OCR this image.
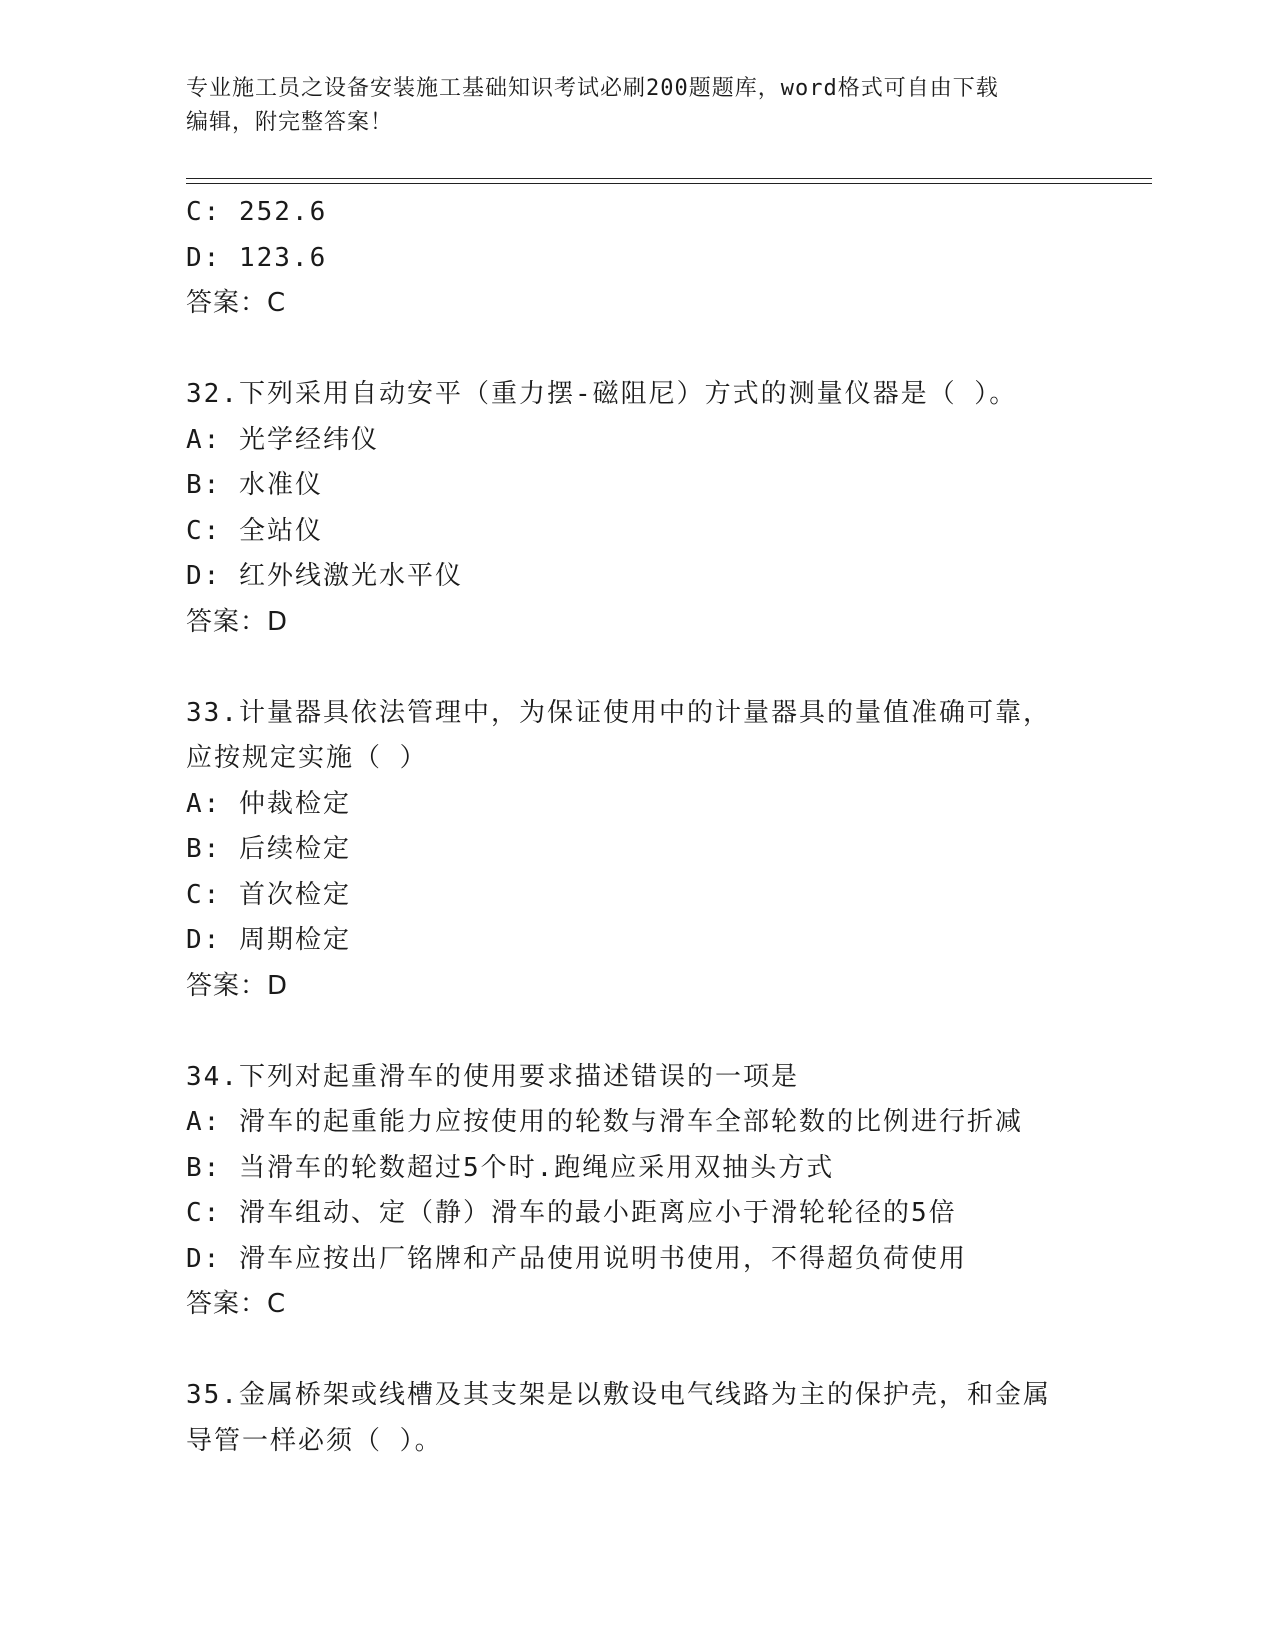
专业施工员之设备安装施工基础知识考试必刷200题题库，word格式可自由下载
编辑，附完整答案！
C: 252.6
D: 123.6
答案：C
32.下列采用自动安平（重力摆-磁阻尼）方式的测量仪器是（ ）。
A: 光学经纬仪
B: 水准仪
C: 全站仪
D: 红外线激光水平仪
答案：D
33.计量器具依法管理中，为保证使用中的计量器具的量值准确可靠，
应按规定实施（ ）
A: 仲裁检定
B: 后续检定
C: 首次检定
D: 周期检定
答案：D
34.下列对起重滑车的使用要求描述错误的一项是
A: 滑车的起重能力应按使用的轮数与滑车全部轮数的比例进行折减
B: 当滑车的轮数超过5个时.跑绳应采用双抽头方式
C: 滑车组动、定（静）滑车的最小距离应小于滑轮轮径的5倍
D: 滑车应按出厂铭牌和产品使用说明书使用，不得超负荷使用
答案：C
35.金属桥架或线槽及其支架是以敷设电气线路为主的保护壳，和金属
导管一样必须（ ）。
